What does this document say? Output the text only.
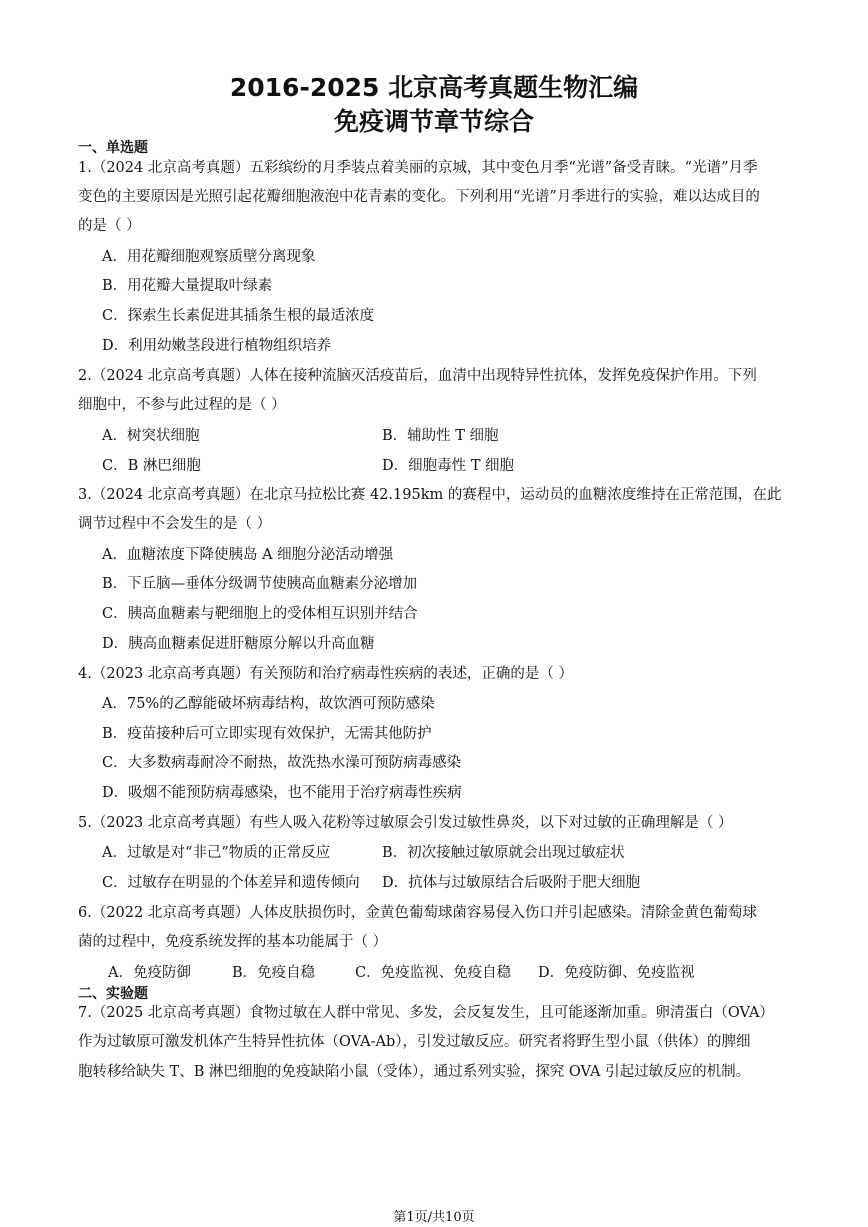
2016-2025 北京高考真题生物汇编
免疫调节章节综合
一、单选题
1.（2024 北京高考真题）五彩缤纷的月季装点着美丽的京城，其中变色月季“光谱”备受青睐。“光谱”月季
变色的主要原因是光照引起花瓣细胞液泡中花青素的变化。下列利用“光谱”月季进行的实验，难以达成目的
的是（ ）
A．用花瓣细胞观察质壁分离现象
B．用花瓣大量提取叶绿素
C．探索生长素促进其插条生根的最适浓度
D．利用幼嫩茎段进行植物组织培养
2.（2024 北京高考真题）人体在接种流脑灭活疫苗后，血清中出现特异性抗体，发挥免疫保护作用。下列
细胞中，不参与此过程的是（ ）
A．树突状细胞	B．辅助性 T 细胞
C．B 淋巴细胞	D．细胞毒性 T 细胞
3.（2024 北京高考真题）在北京马拉松比赛 42.195km 的赛程中，运动员的血糖浓度维持在正常范围，在此
调节过程中不会发生的是（ ）
A．血糖浓度下降使胰岛 A 细胞分泌活动增强
B．下丘脑—垂体分级调节使胰高血糖素分泌增加
C．胰高血糖素与靶细胞上的受体相互识别并结合
D．胰高血糖素促进肝糖原分解以升高血糖
4.（2023 北京高考真题）有关预防和治疗病毒性疾病的表述，正确的是（ ）
A．75%的乙醇能破坏病毒结构，故饮酒可预防感染
B．疫苗接种后可立即实现有效保护，无需其他防护
C．大多数病毒耐冷不耐热，故洗热水澡可预防病毒感染
D．吸烟不能预防病毒感染，也不能用于治疗病毒性疾病
5.（2023 北京高考真题）有些人吸入花粉等过敏原会引发过敏性鼻炎，以下对过敏的正确理解是（ ）
A．过敏是对“非己”物质的正常反应	B．初次接触过敏原就会出现过敏症状
C．过敏存在明显的个体差异和遗传倾向 D．抗体与过敏原结合后吸附于肥大细胞
6.（2022 北京高考真题）人体皮肤损伤时，金黄色葡萄球菌容易侵入伤口并引起感染。清除金黄色葡萄球
菌的过程中，免疫系统发挥的基本功能属于（ ）
A．免疫防御	B．免疫自稳	C．免疫监视、免疫自稳 D．免疫防御、免疫监视
二、实验题
7.（2025 北京高考真题）食物过敏在人群中常见、多发，会反复发生，且可能逐渐加重。卵清蛋白（OVA）
作为过敏原可激发机体产生特异性抗体（OVA-Ab），引发过敏反应。研究者将野生型小鼠（供体）的脾细
胞转移给缺失 T、B 淋巴细胞的免疫缺陷小鼠（受体），通过系列实验，探究 OVA 引起过敏反应的机制。
第1页/共10页
